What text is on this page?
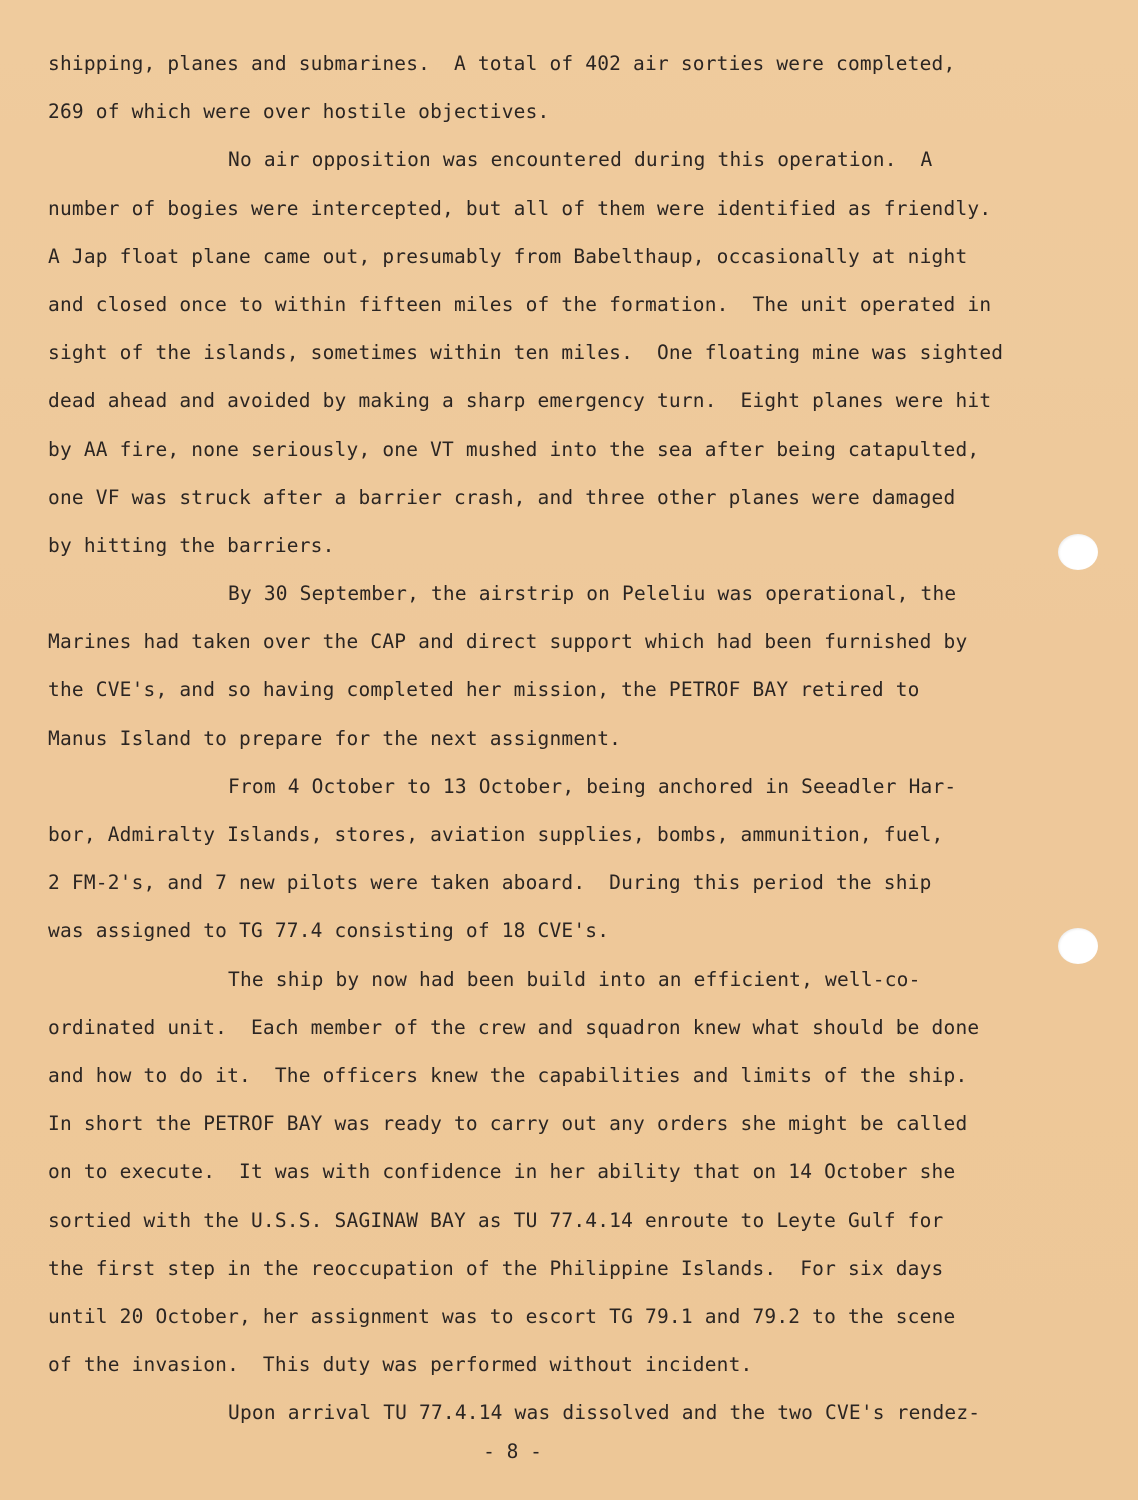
shipping, planes and submarines.  A total of 402 air sorties were completed,
269 of which were over hostile objectives.
No air opposition was encountered during this operation.  A
number of bogies were intercepted, but all of them were identified as friendly.
A Jap float plane came out, presumably from Babelthaup, occasionally at night
and closed once to within fifteen miles of the formation.  The unit operated in
sight of the islands, sometimes within ten miles.  One floating mine was sighted
dead ahead and avoided by making a sharp emergency turn.  Eight planes were hit
by AA fire, none seriously, one VT mushed into the sea after being catapulted,
one VF was struck after a barrier crash, and three other planes were damaged
by hitting the barriers.
By 30 September, the airstrip on Peleliu was operational, the
Marines had taken over the CAP and direct support which had been furnished by
the CVE's, and so having completed her mission, the PETROF BAY retired to
Manus Island to prepare for the next assignment.
From 4 October to 13 October, being anchored in Seeadler Har-
bor, Admiralty Islands, stores, aviation supplies, bombs, ammunition, fuel,
2 FM-2's, and 7 new pilots were taken aboard.  During this period the ship
was assigned to TG 77.4 consisting of 18 CVE's.
The ship by now had been build into an efficient, well-co-
ordinated unit.  Each member of the crew and squadron knew what should be done
and how to do it.  The officers knew the capabilities and limits of the ship.
In short the PETROF BAY was ready to carry out any orders she might be called
on to execute.  It was with confidence in her ability that on 14 October she
sortied with the U.S.S. SAGINAW BAY as TU 77.4.14 enroute to Leyte Gulf for
the first step in the reoccupation of the Philippine Islands.  For six days
until 20 October, her assignment was to escort TG 79.1 and 79.2 to the scene
of the invasion.  This duty was performed without incident.
Upon arrival TU 77.4.14 was dissolved and the two CVE's rendez-
- 8 -
